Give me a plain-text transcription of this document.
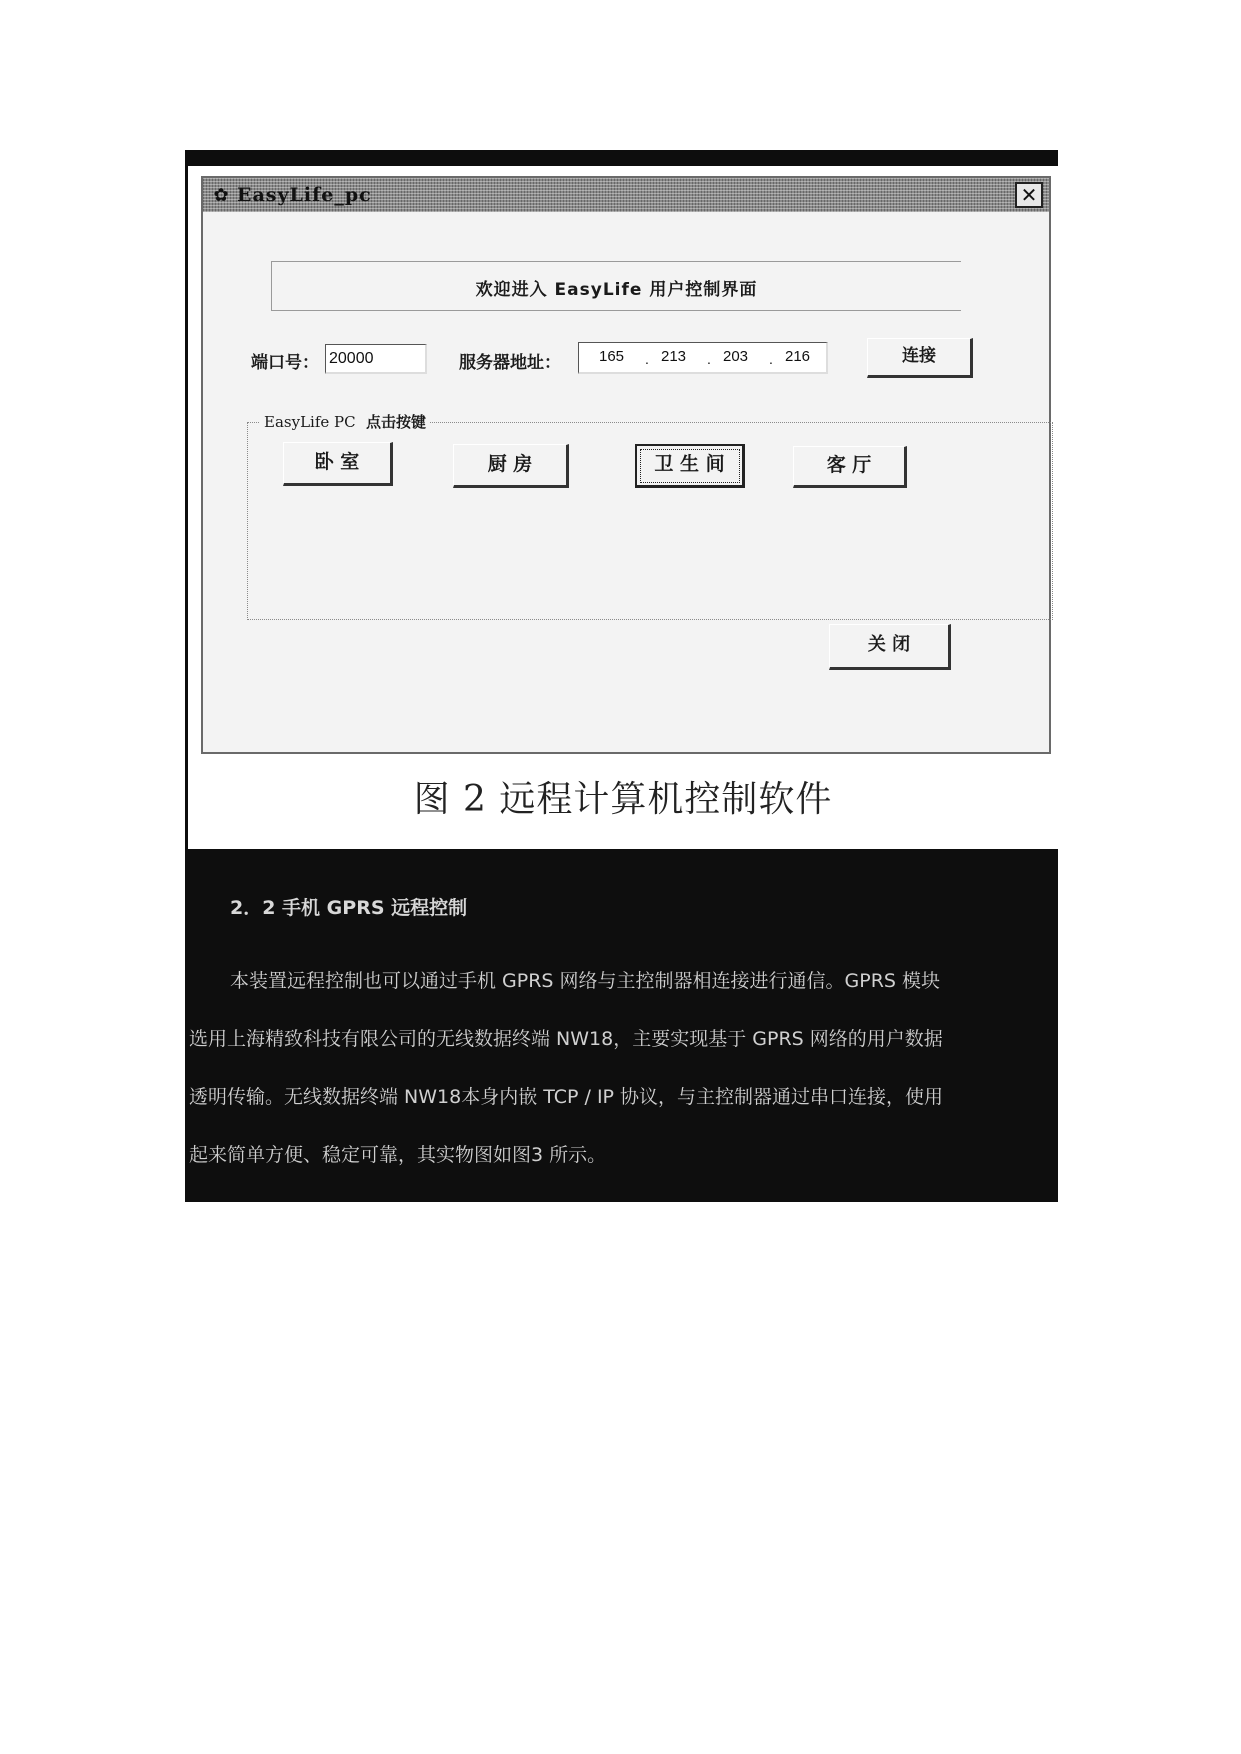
✿ EasyLife_pc	✕
欢迎进入 EasyLife 用户控制界面
端口号： 20000	服务器地址：	165 . 213 . 203 . 216	连接
EasyLife PC 点击按键
卧 室	厨 房	卫 生 间	客 厅
关 闭
图 2 远程计算机控制软件
2．2 手机 GPRS 远程控制
本装置远程控制也可以通过手机 GPRS 网络与主控制器相连接进行通信。GPRS 模块
选用上海精致科技有限公司的无线数据终端 NW18，主要实现基于 GPRS 网络的用户数据
透明传输。无线数据终端 NW18本身内嵌 TCP / IP 协议，与主控制器通过串口连接，使用
起来简单方便、稳定可靠，其实物图如图3 所示。
